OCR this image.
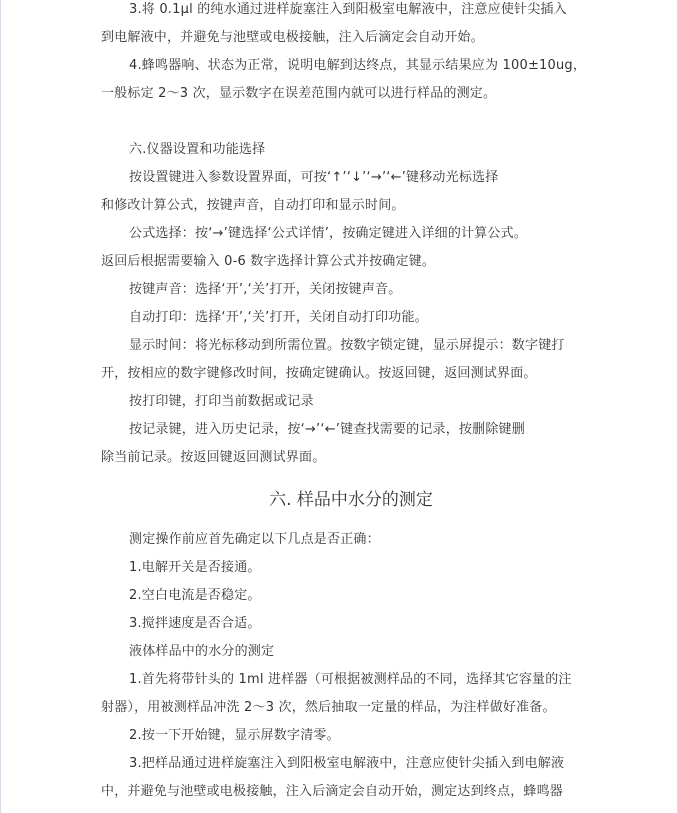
3.将 0.1μl 的纯水通过进样旋塞注入到阳极室电解液中，注意应使针尖插入

到电解液中，并避免与池壁或电极接触，注入后滴定会自动开始。

4.蜂鸣器响、状态为正常，说明电解到达终点，其显示结果应为 100±10ug，

一般标定 2～3 次，显示数字在误差范围内就可以进行样品的测定。

六.仪器设置和功能选择

按设置键进入参数设置界面，可按‘↑’‘↓’‘→’‘←’键移动光标选择

和修改计算公式，按键声音，自动打印和显示时间。

公式选择：按‘→’键选择‘公式详情’，按确定键进入详细的计算公式。

返回后根据需要输入 0-6 数字选择计算公式并按确定键。

按键声音：选择‘开’,‘关’打开，关闭按键声音。

自动打印：选择‘开’,‘关’打开，关闭自动打印功能。

显示时间：将光标移动到所需位置。按数字锁定键，显示屏提示：数字键打

开，按相应的数字键修改时间，按确定键确认。按返回键，返回测试界面。

按打印键，打印当前数据或记录

按记录键，进入历史记录，按‘→’‘←’键查找需要的记录，按删除键删

除当前记录。按返回键返回测试界面。

六. 样品中水分的测定

测定操作前应首先确定以下几点是否正确：

1.电解开关是否接通。

2.空白电流是否稳定。

3.搅拌速度是否合适。

液体样品中的水分的测定

1.首先将带针头的 1ml 进样器（可根据被测样品的不同，选择其它容量的注

射器），用被测样品冲洗 2～3 次，然后抽取一定量的样品，为注样做好准备。

2.按一下开始键，显示屏数字清零。

3.把样品通过进样旋塞注入到阳极室电解液中，注意应使针尖插入到电解液

中，并避免与池壁或电极接触，注入后滴定会自动开始，测定达到终点，蜂鸣器
